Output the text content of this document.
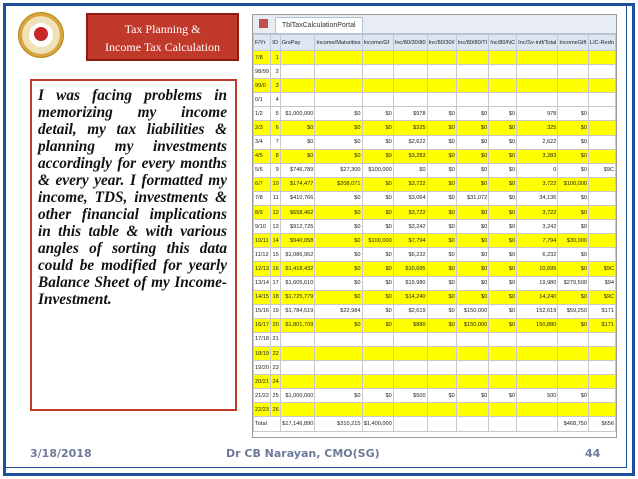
Tax Planning &
Income Tax Calculation

I was facing problems in memorizing my income detail, my tax liabilities & planning my investments accordingly for every months & every year. I formatted my income, TDS, investments & other financial implications in this table & with various angles of sorting this data could be modified for yearly Balance Sheet of my Income-Investment.

TblTaxCalculationPortal
F/Yr	ID	GrsPay	Income/Maturities	Income/Gf	Inc/80/30/80	Inc/80/30/I	Inc/80/80/TI	Inc/80/NC	Inc/Sv-intf/Total	IncomeGift	LIC-Redn
7/8	1										
98/99	2										
99/0	3										
0/1	4										
1/2	5	$1,000,000	$0	$0	$978	$0	$0	$0	978	$0	
2/3	6	$0	$0	$0	$325	$0	$0	$0	325	$0	
3/4	7	$0	$0	$0	$2,622	$0	$0	$0	2,622	$0	
4/5	8	$0	$0	$0	$3,283	$0	$0	$0	3,283	$0	
5/6	9	$746,789	$27,300	$100,000	$0	$0	$0	$0	0	$0	$9C
6/7	10	$174,477	$208,071	$0	$3,722	$0	$0	$0	3,722	$100,000	
7/8	11	$410,766	$0	$0	$3,064	$0	$31,072	$0	34,136	$0	
8/9	12	$658,462	$0	$0	$3,722	$0	$0	$0	3,722	$0	
9/10	13	$912,725	$0	$0	$3,242	$0	$0	$0	3,242	$0	
10/11	14	$940,058	$0	$100,000	$7,794	$0	$0	$0	7,794	$30,000	
11/12	15	$1,086,952	$0	$0	$6,232	$0	$0	$0	6,232	$0	
12/13	16	$1,418,432	$0	$0	$10,695	$0	$0	$0	10,695	$0	$9C
13/14	17	$1,605,610	$0	$0	$19,980	$0	$0	$0	19,980	$279,500	$94
14/15	18	$1,725,779	$0	$0	$14,240	$0	$0	$0	14,240	$0	$9C
15/16	19	$1,784,519	$22,984	$0	$2,619	$0	$150,000	$0	152,619	$59,250	$171
16/17	20	$1,801,709	$0	$0	$880	$0	$150,000	$0	150,880	$0	$171
17/18	21										
18/19	22										
19/20	23										
20/21	24										
21/22	25	$1,000,000	$0	$0	$500	$0	$0	$0	500	$0	
22/23	26										
Total		$17,146,890	$310,215	$1,400,000						$468,750	$656
3/18/2018	Dr CB Narayan, CMO(SG)	44
